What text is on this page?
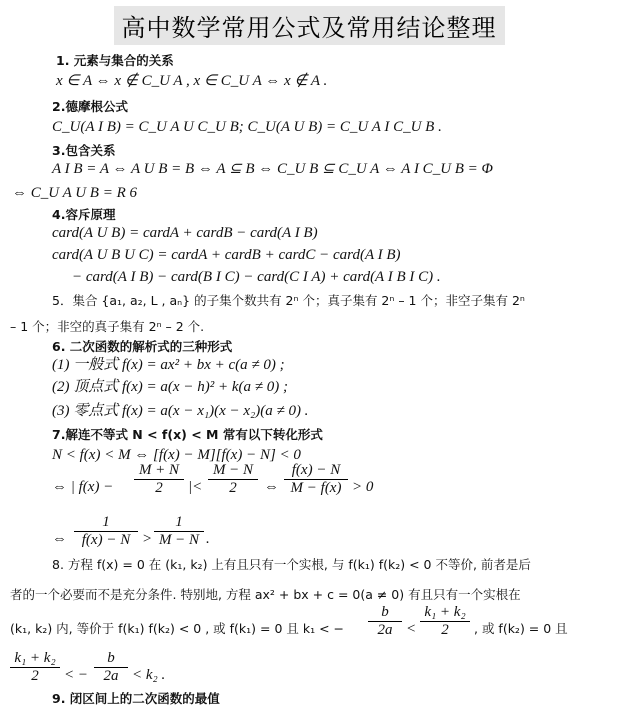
高中数学常用公式及常用结论整理
1. 元素与集合的关系
x ∈ A ⇔ x ∉ C_U A , x ∈ C_U A ⇔ x ∉ A .
2.德摩根公式
C_U(A I B) = C_U A U C_U B; C_U(A U B) = C_U A I C_U B .
3.包含关系
A I B = A ⇔ A U B = B ⇔ A ⊆ B ⇔ C_U B ⊆ C_U A ⇔ A I C_U B = Φ
⇔ C_U A U B = R 6
4.容斥原理
card(A U B) = cardA + cardB − card(A I B)
card(A U B U C) = cardA + cardB + cardC − card(A I B)
− card(A I B) − card(B I C) − card(C I A) + card(A I B I C) .
5．集合 {a₁, a₂, L , aₙ} 的子集个数共有 2ⁿ 个；真子集有 2ⁿ – 1 个；非空子集有 2ⁿ
– 1 个；非空的真子集有 2ⁿ – 2 个.
6. 二次函数的解析式的三种形式
(1) 一般式 f(x) = ax² + bx + c(a ≠ 0) ;
(2) 顶点式 f(x) = a(x − h)² + k(a ≠ 0) ;
(3) 零点式 f(x) = a(x − x₁)(x − x₂)(a ≠ 0) .
7.解连不等式 N < f(x) < M 常有以下转化形式
N < f(x) < M ⇔ [f(x) − M][f(x) − N] < 0
⇔ | $f(x) - \frac{M + N}{2}$ |< $\frac{M - N}{2}$ ⇔ $\frac{f(x) - N}{M - f(x)} > 0$
⇔ $\frac{1}{f(x) - N} > \frac{1}{M - N}$ .
8. 方程 f(x) = 0 在 (k₁, k₂) 上有且只有一个实根, 与 f(k₁) f(k₂) < 0 不等价, 前者是后
者的一个必要而不是充分条件. 特别地, 方程 ax² + bx + c = 0(a ≠ 0) 有且只有一个实根在
(k₁, k₂) 内, 等价于 f(k₁) f(k₂) < 0 , 或 f(k₁) = 0 且 k₁ < − $\frac{b}{2a} < \frac{\text{k₁ + k₂}}{2}$ , 或 f(k₂) = 0 且
$\frac{\text{k₁ + k₂}}{2}$ < − $\frac{b}{2a} < k_2$ .
9. 闭区间上的二次函数的最值
